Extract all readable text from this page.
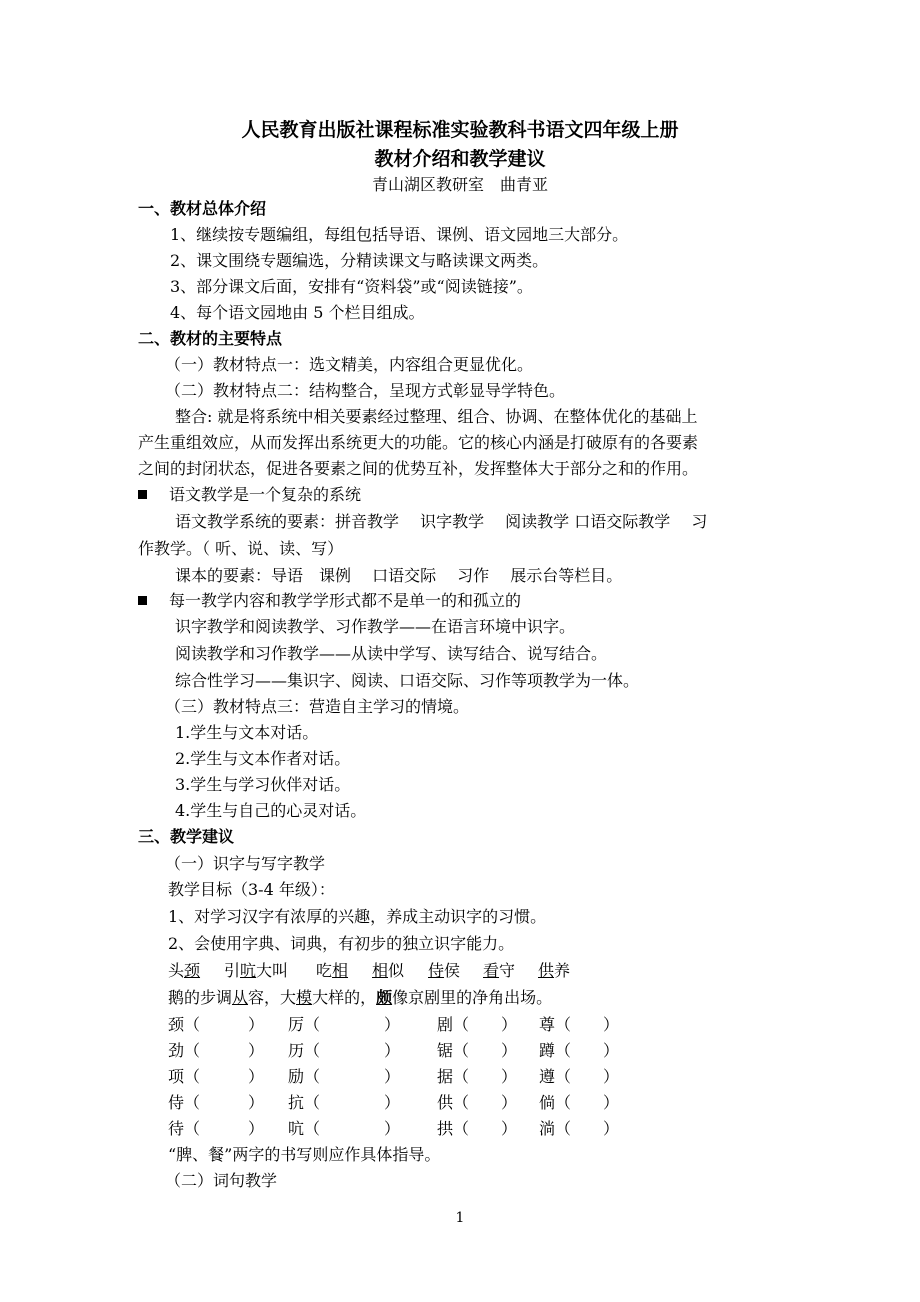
人民教育出版社课程标准实验教科书语文四年级上册
教材介绍和教学建议
青山湖区教研室　曲青亚
一、教材总体介绍
1、继续按专题编组，每组包括导语、课例、语文园地三大部分。
2、课文围绕专题编选，分精读课文与略读课文两类。
3、部分课文后面，安排有“资料袋”或“阅读链接”。
4、每个语文园地由 5 个栏目组成。
二、教材的主要特点
（一）教材特点一：选文精美，内容组合更显优化。
（二）教材特点二：结构整合，呈现方式彰显导学特色。
整合: 就是将系统中相关要素经过整理、组合、协调、在整体优化的基础上
产生重组效应，从而发挥出系统更大的功能。它的核心内涵是打破原有的各要素
之间的封闭状态，促进各要素之间的优势互补，发挥整体大于部分之和的作用。
语文教学是一个复杂的系统
语文教学系统的要素：拼音教学　 识字教学　 阅读教学 口语交际教学　 习
作教学。（ 听、说、读、写）
课本的要素：导语　课例　 口语交际　 习作　 展示台等栏目。
每一教学内容和教学学形式都不是单一的和孤立的
识字教学和阅读教学、习作教学——在语言环境中识字。
阅读教学和习作教学——从读中学写、读写结合、说写结合。
综合性学习——集识字、阅读、口语交际、习作等项教学为一体。
（三）教材特点三：营造自主学习的情境。
1.学生与文本对话。
2.学生与文本作者对话。
3.学生与学习伙伴对话。
4.学生与自己的心灵对话。
三、教学建议
（一）识字与写字教学
教学目标（3-4 年级）：
1、对学习汉字有浓厚的兴趣，养成主动识字的习惯。
2、会使用字典、词典，有初步的独立识字能力。
头颈 引吭大叫 吃相 相似 侍侯 看守 供养
鹅的步调从容，大模大样的，颇像京剧里的净角出场。
颈（　　　） 厉（　　　　） 剧（　　） 尊（　　）
劲（　　　） 历（　　　　） 锯（　　） 蹲（　　）
项（　　　） 励（　　　　） 据（　　） 遵（　　）
侍（　　　） 抗（　　　　） 供（　　） 倘（　　）
待（　　　） 吭（　　　　） 拱（　　） 淌（　　）
“脾、餐”两字的书写则应作具体指导。
（二）词句教学
1
